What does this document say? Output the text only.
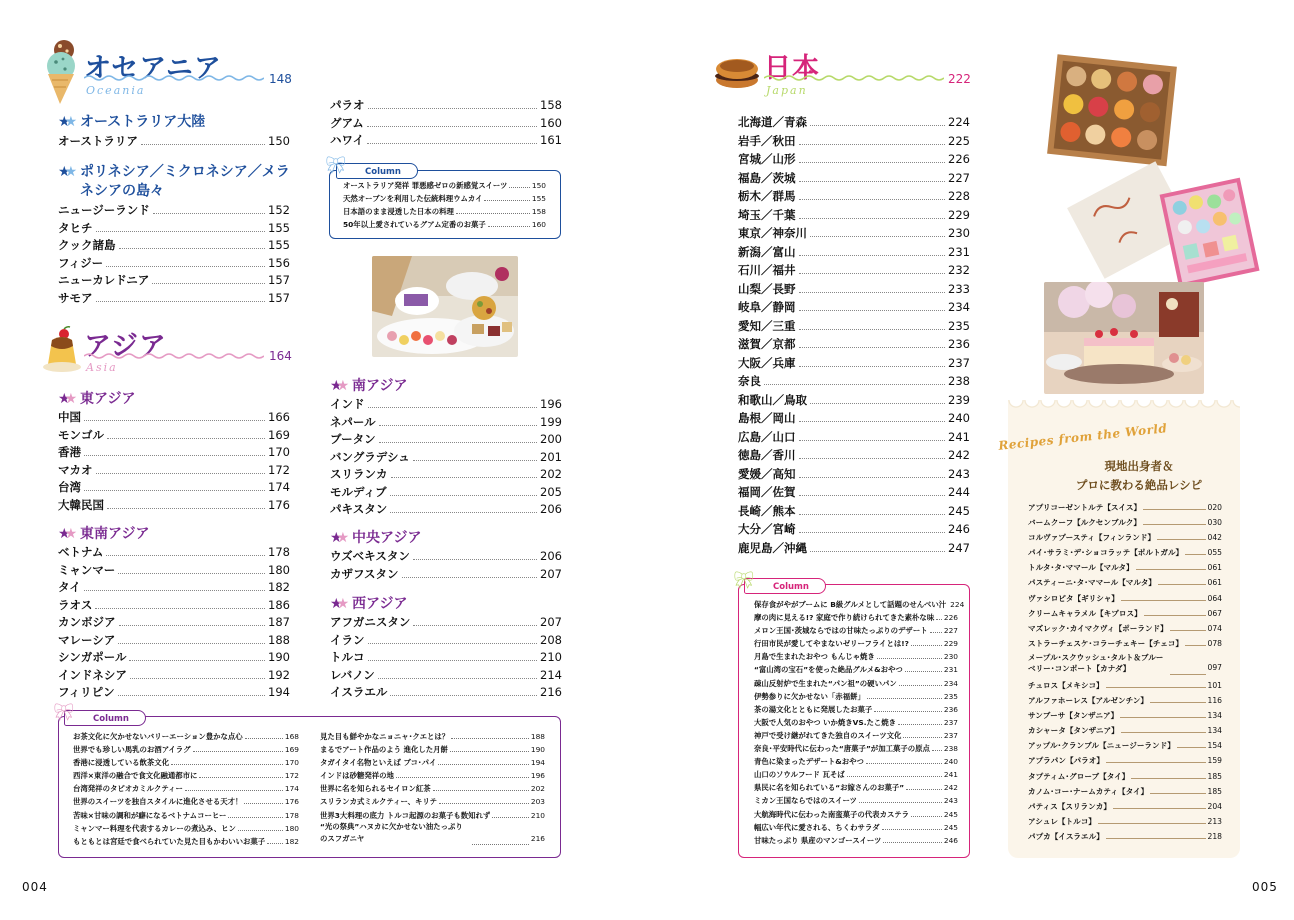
オセアニア
Oceania
148
★★ オーストラリア大陸
オーストラリア	150
★★ ポリネシア／ミクロネシア／メラネシアの島々
ニュージーランド	152
タヒチ	155
クック諸島	155
フィジー	156
ニューカレドニア	157
サモア	157
パラオ	158
グアム	160
ハワイ	161
🎀︎ Column
オーストラリア発祥 罪悪感ゼロの新感覚スイーツ	150
天然オーブンを利用した伝統料理ウムカイ	155
日本語のまま浸透した日本の料理	158
50年以上愛されているグアム定番のお菓子	160
アジア
Asia
164
★★ 東アジア
中国	166
モンゴル	169
香港	170
マカオ	172
台湾	174
大韓民国	176
★★ 東南アジア
ベトナム	178
ミャンマー	180
タイ	182
ラオス	186
カンボジア	187
マレーシア	188
シンガポール	190
インドネシア	192
フィリピン	194
★★ 南アジア
インド	196
ネパール	199
ブータン	200
バングラデシュ	201
スリランカ	202
モルディブ	205
パキスタン	206
★★ 中央アジア
ウズベキスタン	206
カザフスタン	207
★★ 西アジア
アフガニスタン	207
イラン	208
トルコ	210
レバノン	214
イスラエル	216
🎀︎ Column
お茶文化に欠かせないバリーエーション豊かな点心	168
世界でも珍しい馬乳のお酒アイラグ	169
香港に浸透している飲茶文化	170
西洋×東洋の融合で食文化融通都市に	172
台湾発祥のタピオカミルクティー	174
世界のスイーツを独自スタイルに進化させる天才！	176
苦味×甘味の調和が癖になるベトナムコーヒー	178
ミャンマー料理を代表するカレーの煮込み、ヒン	180
もともとは宮廷で食べられていた見た目もかわいいお菓子	182
見た目も鮮やかなニョニャ･クエとは？	188
まるでアート作品のよう 進化した月餅	190
タガイタイ名物といえば ブコ･パイ	194
インドは砂糖発祥の地	196
世界に名を知られるセイロン紅茶	202
スリランカ式ミルクティー、キリテ	203
世界3大料理の底力 トルコ起源のお菓子も数知れず	210
“光の祭典”ハヌカに欠かせない油たっぷりのスフガニヤ	216
004
日本
Japan
222
北海道／青森	224
岩手／秋田	225
宮城／山形	226
福島／茨城	227
栃木／群馬	228
埼玉／千葉	229
東京／神奈川	230
新潟／富山	231
石川／福井	232
山梨／長野	233
岐阜／静岡	234
愛知／三重	235
滋賀／京都	236
大阪／兵庫	237
奈良	238
和歌山／鳥取	239
島根／岡山	240
広島／山口	241
徳島／香川	242
愛媛／高知	243
福岡／佐賀	244
長崎／熊本	245
大分／宮崎	246
鹿児島／沖縄	247
🎀︎ Column
保存食がやがブームに B級グルメとして話題のせんべい汁 224
摩の肉に見える!? 家庭で作り続けられてきた素朴な味 226
メロン王国･茨城ならではの甘味たっぷりのデザート 227
行田市民が愛してやまないゼリーフライとは!?	229
月島で生まれたおやつ もんじゃ焼き	230
“富山湾の宝石”を使った絶品グルメ&おやつ	231
疎山反射炉で生まれた“パン祖”の硬いパン	234
伊勢参りに欠かせない「赤福餅」	235
茶の湯文化とともに発展したお菓子	236
大阪で人気のおやつ いか焼きVS.たこ焼き	237
神戸で受け継がれてきた独自のスイーツ文化	237
奈良･平安時代に伝わった“唐菓子”が加工菓子の原点 238
青色に染まったデザート&おやつ	240
山口のソウルフード 瓦そば	241
県民に名を知られている“お嫁さんのお菓子”	242
ミカン王国ならではのスイーツ	243
大航海時代に伝わった南蛮菓子の代表カステラ	245
幅広い年代に愛される、ちくわサラダ	245
甘味たっぷり 県産のマンゴースイーツ	246
Recipes from the World
現地出身者＆
プロに教わる絶品レシピ
アプリコーゼントルテ【スイス】	020
バームクーフ【ルクセンブルク】	030
コルヴァプースティ【フィンランド】	042
パイ･サラミ･デ･ショコラッテ【ポルトガル】	055
トルタ･タ･ママール【マルタ】	061
パスティーニ･タ･ママール【マルタ】	061
ヴァシロピタ【ギリシャ】	064
クリームキャラメル【キプロス】	067
マズレック･カイマクヴィ【ポーランド】	074
ストラーチェスケ･コラーチェキー【チェコ】	078
メープル･スクウッシュ･タルト＆ブルーベリー･コンポート【カナダ】	097
チュロス【メキシコ】	101
アルファホーレス【アルゼンチン】	116
サンブーサ【タンザニア】	134
カシャータ【タンザニア】	134
アップル･クランブル【ニュージーランド】	154
アプラパン【パラオ】	159
タプティム･グローブ【タイ】	185
カノム･コー･ナームカティ【タイ】	185
パティス【スリランカ】	204
アシュレ【トルコ】	213
パプカ【イスラエル】	218
005
